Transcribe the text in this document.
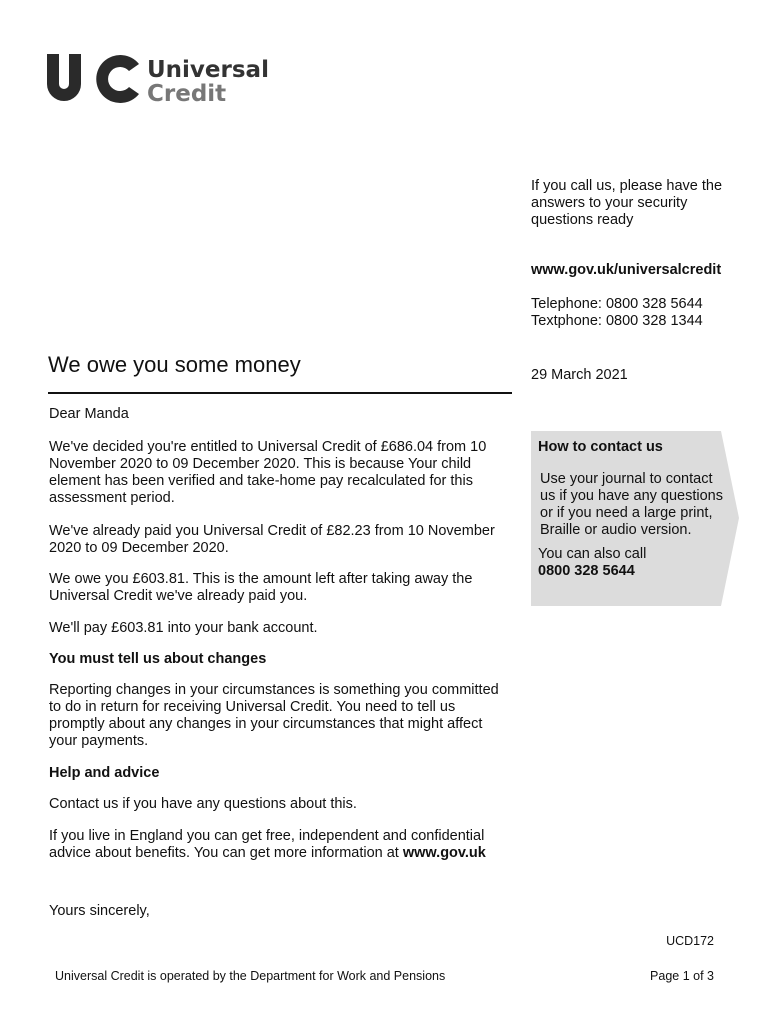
Universal
Credit
If you call us, please have the answers to your security questions ready
www.gov.uk/universalcredit
Telephone: 0800 328 5644
Textphone: 0800 328 1344
29 March 2021
We owe you some money
Dear Manda
We've decided you're entitled to Universal Credit of £686.04 from 10 November 2020 to 09 December 2020. This is because Your child element has been verified and take-home pay recalculated for this assessment period.
We've already paid you Universal Credit of £82.23 from 10 November 2020 to 09 December 2020.
We owe you £603.81. This is the amount left after taking away the Universal Credit we've already paid you.
We'll pay £603.81 into your bank account.
You must tell us about changes
Reporting changes in your circumstances is something you committed to do in return for receiving Universal Credit. You need to tell us promptly about any changes in your circumstances that might affect your payments.
Help and advice
Contact us if you have any questions about this.
If you live in England you can get free, independent and confidential advice about benefits. You can get more information at www.gov.uk
Yours sincerely,
How to contact us
Use your journal to contact us if you have any questions or if you need a large print, Braille or audio version.
You can also call
0800 328 5644
UCD172
Universal Credit is operated by the Department for Work and Pensions	Page 1 of 3
